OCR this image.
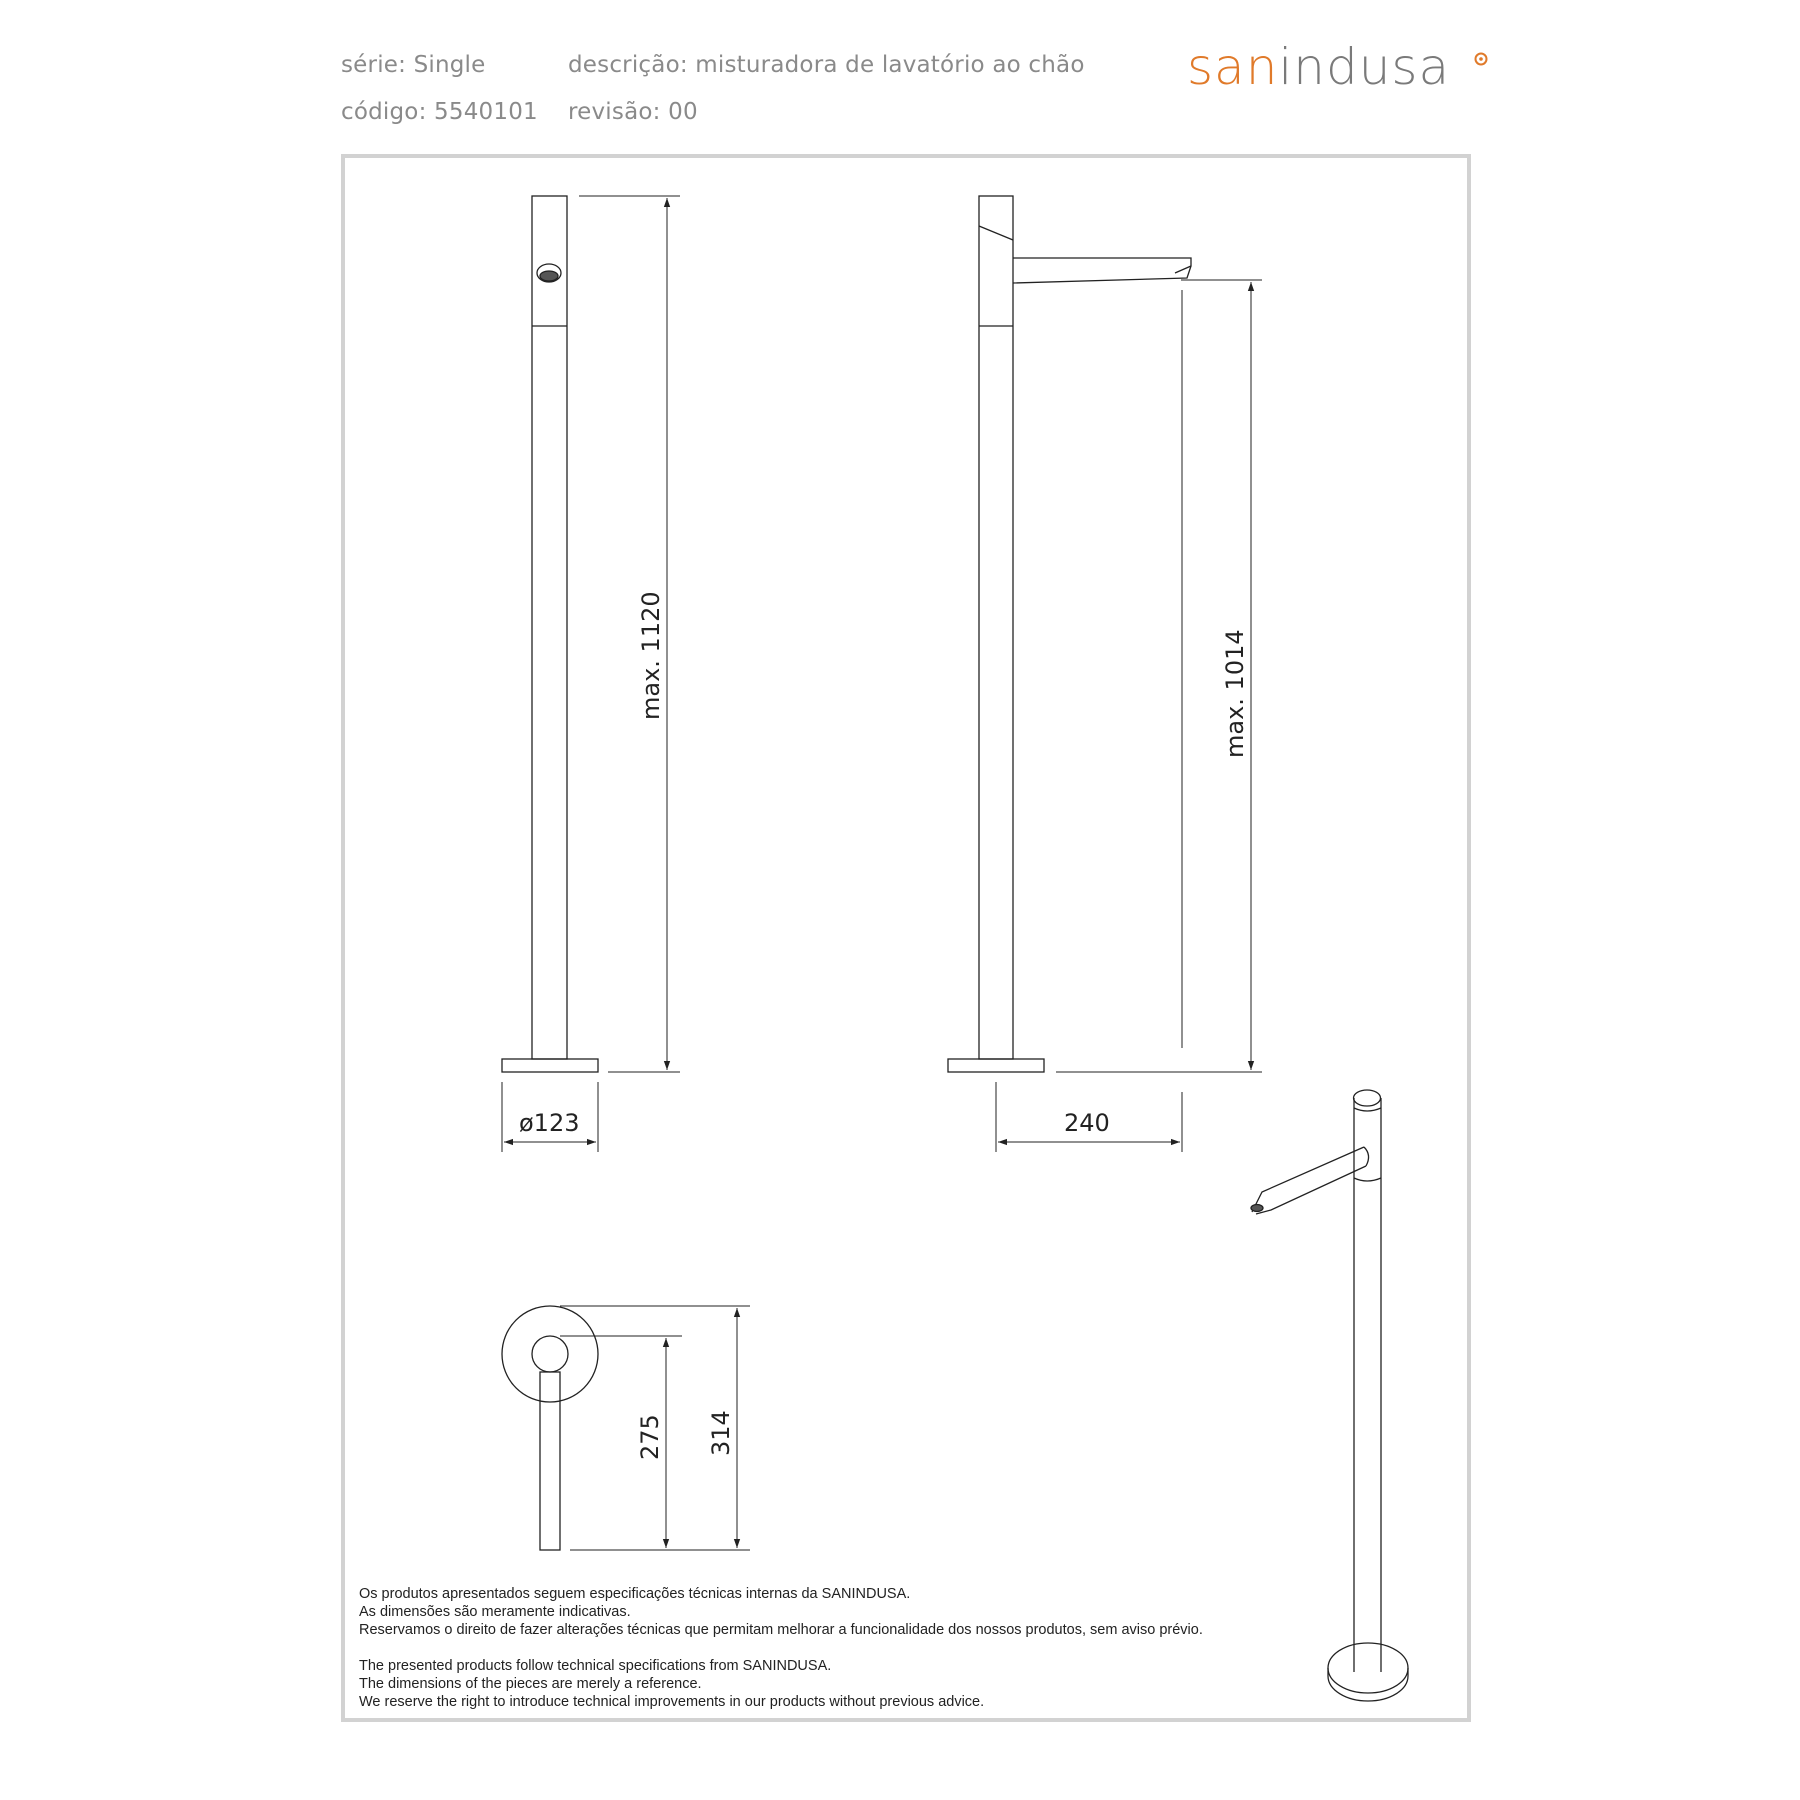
série: Single
código: 5540101
descrição: misturadora de lavatório ao chão
revisão: 00
sanindusa
max. 1120
ø123
max. 1014
240
275 314
Os produtos apresentados seguem especificações técnicas internas da SANINDUSA.
As dimensões são meramente indicativas.
Reservamos o direito de fazer alterações técnicas que permitam melhorar a funcionalidade dos nossos produtos, sem aviso prévio.
The presented products follow technical specifications from SANINDUSA.
The dimensions of the pieces are merely a reference.
We reserve the right to introduce technical improvements in our products without previous advice.
